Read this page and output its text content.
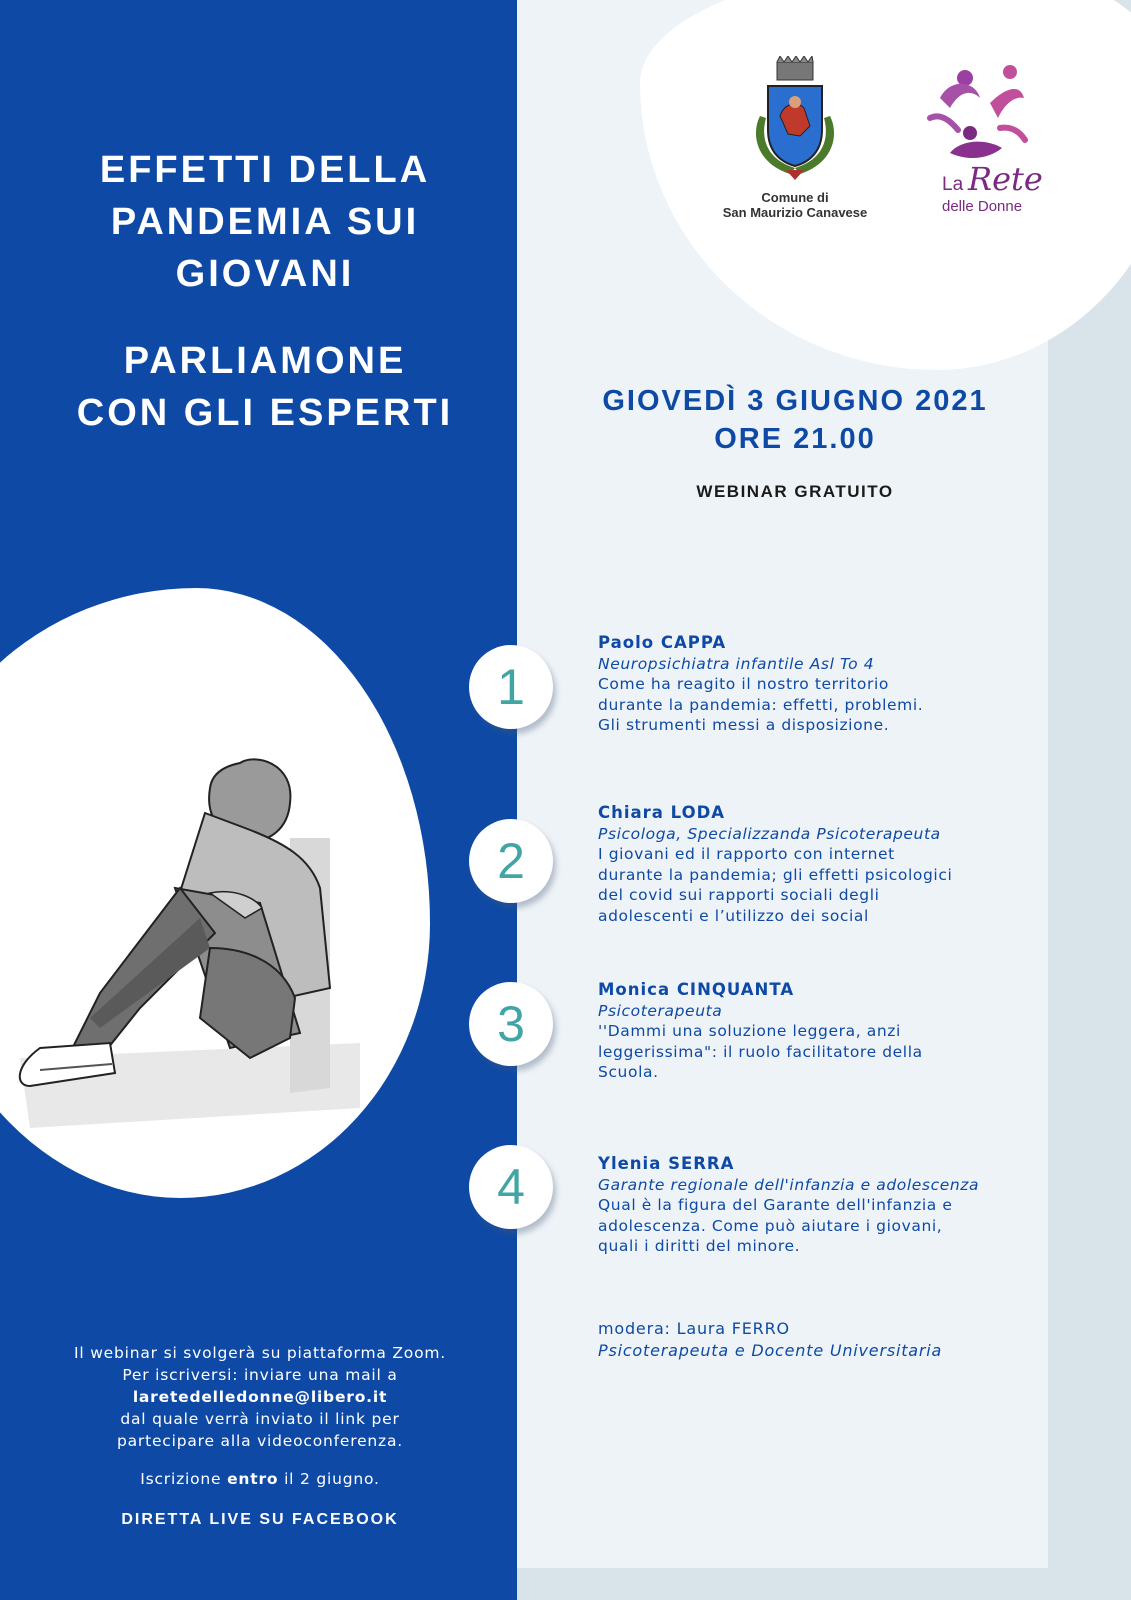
EFFETTI DELLA
PANDEMIA SUI
GIOVANI
PARLIAMONE
CON GLI ESPERTI
Comune di
San Maurizio Canavese
La Rete
delle Donne
GIOVEDÌ 3 GIUGNO 2021
ORE 21.00
WEBINAR GRATUITO
1
Paolo CAPPA
Neuropsichiatra infantile Asl To 4
Come ha reagito il nostro territorio
durante la pandemia: effetti, problemi.
Gli strumenti messi a disposizione.
2
Chiara LODA
Psicologa, Specializzanda Psicoterapeuta
I giovani ed il rapporto con internet
durante la pandemia; gli effetti psicologici
del covid sui rapporti sociali degli
adolescenti e l’utilizzo dei social
3
Monica CINQUANTA
Psicoterapeuta
''Dammi una soluzione leggera, anzi
leggerissima": il ruolo facilitatore della
Scuola.
4	Ylenia SERRA
Garante regionale dell'infanzia e adolescenza
Qual è la figura del Garante dell'infanzia e
adolescenza. Come può aiutare i giovani,
quali i diritti del minore.
modera: Laura FERRO
Psicoterapeuta e Docente Universitaria
Il webinar si svolgerà su piattaforma Zoom.
Per iscriversi: inviare una mail a
laretedelledonne@libero.it
dal quale verrà inviato il link per
partecipare alla videoconferenza.
Iscrizione entro il 2 giugno.
DIRETTA LIVE SU FACEBOOK
